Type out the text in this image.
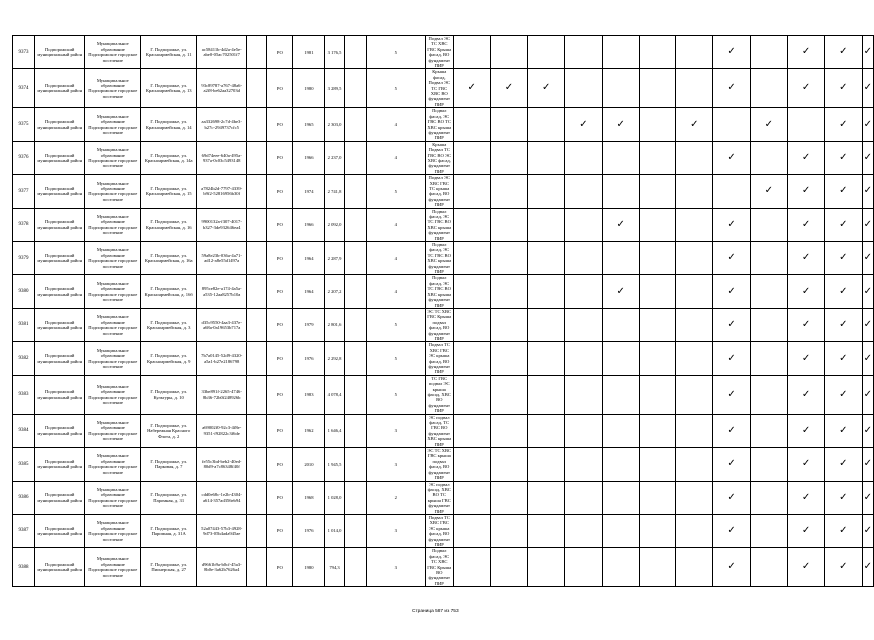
9373	Подпорожский муниципальный район	Муниципальное образование Подпорожское городское поселение	Г. Подпорожье, ул. Красноармейская, д. 11	ac58411b-4d2a-4e5e-abe0-05ac702501f7		РО	1981	3 176,5		5	Подвал ЭС ТС ХВС ГВС Крыша фасад, ВО фундамент ПИР								✓		✓	✓	✓
9374	Подпорожский муниципальный район	Муниципальное образование Подпорожское городское поселение	Г. Подпорожье, ул. Красноармейская, д. 13	93c89787-a767-48a6-a2f8-be62aa32703d		РО	1980	3 289,5		5	Крыша фасад, Подвал ЭС ТС ГВС ХВС ВО фундамент ПИР	✓	✓	✓					✓		✓	✓	✓
9375	Подпорожский муниципальный район	Муниципальное образование Подпорожское городское поселение	Г. Подпорожье, ул. Красноармейская, д. 14	aa332698-2c7d-4be3-b27c-2949737cfc5		РО	1965	2 303,0		4	Подвал фасад, ЭС ГВС ВО ТС ХВС крыша фундамент ПИР				✓	✓		✓		✓		✓	✓
9376	Подпорожский муниципальный район	Муниципальное образование Подпорожское городское поселение	Г. Подпорожье, ул. Красноармейская, д. 14а	69d74eee-640a-495a-937a-0c03c5493148		РО	1966	2 237,0		4	Крыша Подвал ТС ГВС ВО ЭС ХВС фасад, фундамент ПИР								✓		✓	✓	✓
9377	Подпорожский муниципальный район	Муниципальное образование Подпорожское городское поселение	Г. Подпорожье, ул. Красноармейская, д. 15	a7824b2d-7797-4339-b9f2-52816956b30f		РО	1974	2 741,8		5	Подвал ЭС ХВС ГВС ТС крыша фасад, ВО фундамент ПИР									✓	✓	✓	✓
9378	Подпорожский муниципальный район	Муниципальное образование Подпорожское городское поселение	Г. Подпорожье, ул. Красноармейская, д. 16	9900132a-f307-4017-b327-3de932646ea4		РО	1966	2 092,0		4	Подвал фасад, ЭС ТС ГВС ВО ХВС крыша фундамент ПИР					✓			✓		✓	✓	✓
9379	Подпорожский муниципальный район	Муниципальное образование Подпорожское городское поселение	Г. Подпорожье, ул. Красноармейская, д. 16а	59a8e23b-036a-4a71-ad12-a8e55d1497a		РО	1964	2 287,9		4	Подвал фасад, ЭС ТС ГВС ВО ХВС крыша фундамент ПИР								✓		✓	✓	✓
9380	Подпорожский муниципальный район	Муниципальное образование Подпорожское городское поселение	Г. Подпорожье, ул. Красноармейская, д. 16б	895ce82e-a174-4a5a-a535-12aa8257b10a		РО	1964	2 207,2		4	Подвал фасад, ЭС ТС ГВС ВО ХВС крыша фундамент ПИР					✓			✓		✓	✓	✓
9381	Подпорожский муниципальный район	Муниципальное образование Подпорожское городское поселение	Г. Подпорожье, ул. Красноармейская, д. 3	d35c9550-4aa3-437e-a68a-0a19653b717a		РО	1979	2 801,6		5	ЭС ТС ХВС ГВС Крыша подвал фасад, ВО фундамент ПИР								✓		✓	✓	✓
9382	Подпорожский муниципальный район	Муниципальное образование Подпорожское городское поселение	Г. Подпорожье, ул. Красноармейская, д. 9	7b7a0145-52d9-4320-a5a1-b27e2186798		РО	1976	2 292,8		5	Подвал ТС ХВС ГВС ЭС крыша фасад, ВО фундамент ПИР								✓		✓	✓	✓
9383	Подпорожский муниципальный район	Муниципальное образование Подпорожское городское поселение	Г. Подпорожье, ул. Культуры, д. 10	33be891f-2265-4746-8b36-72b0f248926b		РО	1983	4 078,4		5	ТС ГВС подвал ЭС крыша фасад, ХВС ВО фундамент ПИР								✓		✓	✓	✓
9384	Подпорожский муниципальный район	Муниципальное образование Подпорожское городское поселение	Г. Подпорожье, ул. Набережная Красного Флота, д. 2	a69002f0-92c3-4f8e-9351-f92822c3f6de		РО	1962	1 646,4		3	ЭС подвал фасад, ТС ГВС ВО фундамент ХВС крыша ПИР								✓		✓	✓	✓
9385	Подпорожский муниципальный район	Муниципальное образование Подпорожское городское поселение	Г. Подпорожье, ул. Парковая, д. 7	fe55c3bd-beb2-40ed-80d9-a7c86348f40f		РО	2010	1 945,5		3	ЭС ТС ХВС ГВС крыша подвал фасад, ВО фундамент ПИР								✓		✓	✓	✓
9386	Подпорожский муниципальный район	Муниципальное образование Подпорожское городское поселение	Г. Подпорожье, ул. Паромная, д. 31	cdd0e68c-1e2b-4304-a614-357ad356eb94		РО	1968	1 028,0		2	ЭС подвал фасад, ХВС ВО ТС крыша ГВС фундамент ПИР								✓		✓	✓	✓
9387	Подпорожский муниципальный район	Муниципальное образование Подпорожское городское поселение	Г. Подпорожье, ул. Паромная, д. 31А	52a07443-57b3-4928-9d73-05b4ada945ae		РО	1976	1 014,0		3	Подвал ТС ХВС ГВС ЭС крыша фасад, ВО фундамент ПИР								✓		✓	✓	✓
9388	Подпорожский муниципальный район	Муниципальное образование Подпорожское городское поселение	Г. Подпорожье, ул. Пионерская, д. 27	d9661b9a-b0cf-45a3-8b0e-3a62b7626a4		РО	1980	794,3		3	Подвал фасад, ЭС ТС ХВС ГВС Крыша ВО фундамент ПИР								✓		✓	✓	✓
Страница 587 из 753
